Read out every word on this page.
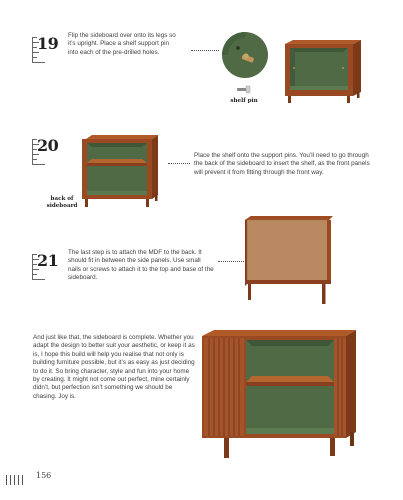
19 Flip the sideboard over onto its legs so it’s upright. Place a shelf support pin into each of the pre-drilled holes.
shelf pin
20
back of
sideboard
Place the shelf onto the support pins. You’ll need to go through the back of the sideboard to insert the shelf, as the front panels will prevent it from fitting through the front way.
21 The last step is to attach the MDF to the back. It should fit in between the side panels. Use small nails or screws to attach it to the top and base of the sideboard.
And just like that, the sideboard is complete. Whether you adapt the design to better suit your aesthetic, or keep it as is, I hope this build will help you realise that not only is building furniture possible, but it’s as easy as just deciding to do it. So bring character, style and fun into your home by creating. It might not come out perfect, mine certainly didn’t, but perfection isn’t something we should be chasing. Joy is.
156
